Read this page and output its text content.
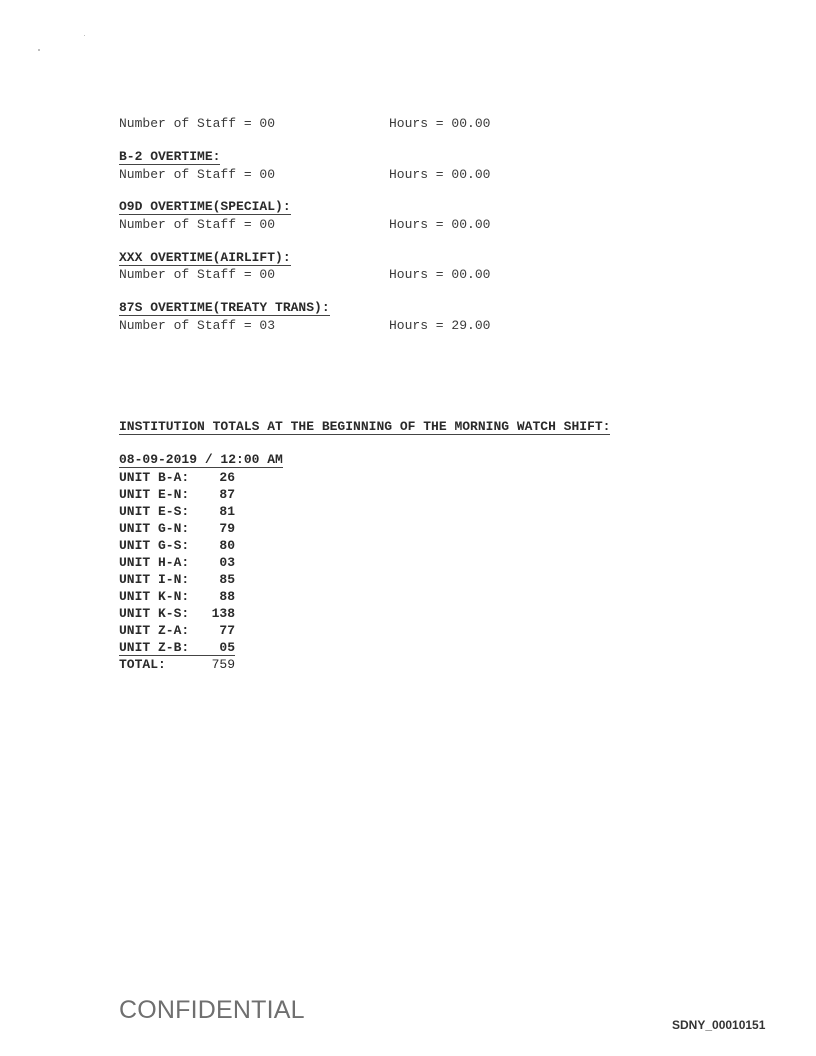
Number of Staff = 00	Hours = 00.00
B-2 OVERTIME:
Number of Staff = 00	Hours = 00.00
O9D OVERTIME(SPECIAL):
Number of Staff = 00	Hours = 00.00
XXX OVERTIME(AIRLIFT):
Number of Staff = 00	Hours = 00.00
87S OVERTIME(TREATY TRANS):
Number of Staff = 03	Hours = 29.00
INSTITUTION TOTALS AT THE BEGINNING OF THE MORNING WATCH SHIFT:
08-09-2019 / 12:00 AM
UNIT B-A: 26
UNIT E-N: 87
UNIT E-S: 81
UNIT G-N: 79
UNIT G-S: 80
UNIT H-A: 03
UNIT I-N: 85
UNIT K-N: 88
UNIT K-S: 138
UNIT Z-A: 77
UNIT Z-B: 05
TOTAL:	759
CONFIDENTIAL
SDNY_00010151
